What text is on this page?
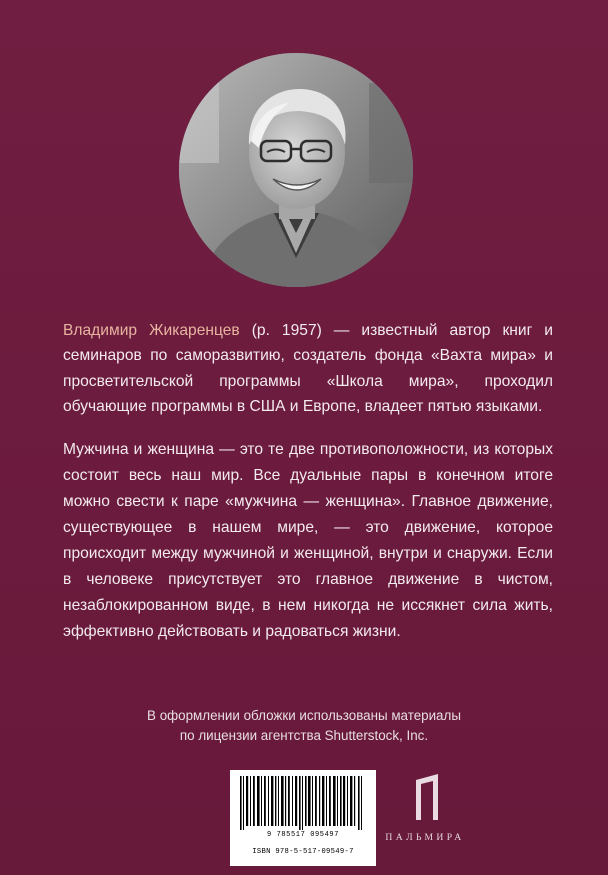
Владимир Жикаренцев (р. 1957) — известный автор книг и семинаров по саморазвитию, создатель фонда «Вахта мира» и просветительской программы «Школа мира», проходил обучающие программы в США и Европе, владеет пятью языками.

Мужчина и женщина — это те две противоположности, из которых состоит весь наш мир. Все дуальные пары в конечном итоге можно свести к паре «мужчина — женщина». Главное движение, существующее в нашем мире, — это движение, которое происходит между мужчиной и женщиной, внутри и снаружи. Если в человеке присутствует это главное движение в чистом, незаблокированном виде, в нем никогда не иссякнет сила жить, эффективно действовать и радоваться жизни.

В оформлении обложки использованы материалы
по лицензии агентства Shutterstock, Inc.

9 785517 095497
ISBN 978-5-517-09549-7
ПАЛЬМИРА
